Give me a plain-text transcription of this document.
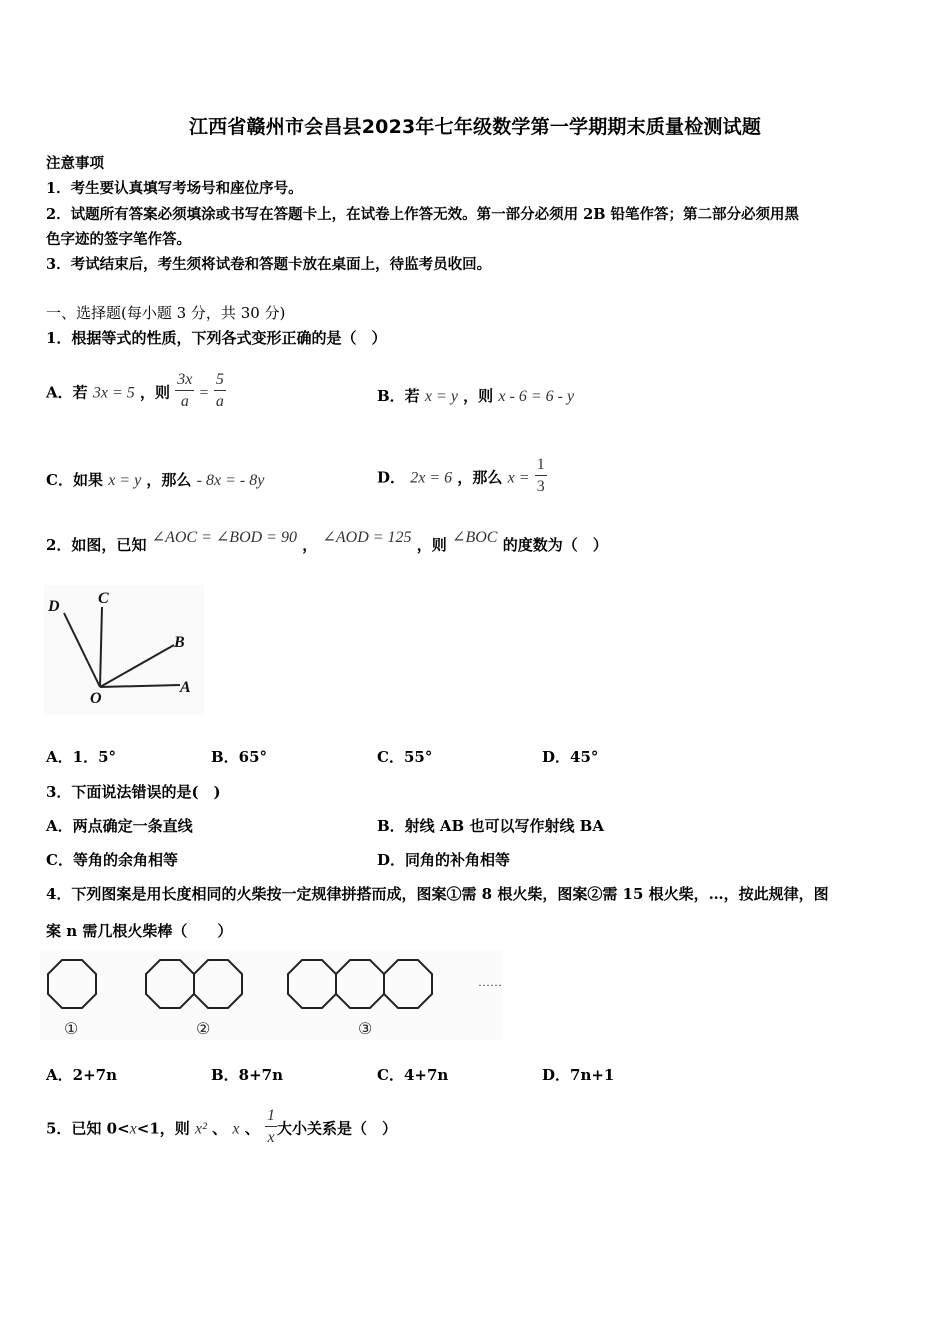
江西省赣州市会昌县2023年七年级数学第一学期期末质量检测试题
注意事项
1．考生要认真填写考场号和座位序号。
2．试题所有答案必须填涂或书写在答题卡上，在试卷上作答无效。第一部分必须用 2B 铅笔作答；第二部分必须用黑
色字迹的签字笔作答。
3．考试结束后，考生须将试卷和答题卡放在桌面上，待监考员收回。
一、选择题(每小题 3 分，共 30 分)
1．根据等式的性质，下列各式变形正确的是（　）
A．若 3x = 5 ，则 $\frac{3x}{a} = \frac{5}{a}$	B．若 x = y ，则 x - 6 = 6 - y
C．如果 x = y ，那么 - 8x = - 8y	D． 2x = 6 ，那么 $x = \frac{1}{3}$
2．如图，已知 ∠AOC = ∠BOD = 90 ， ∠AOD = 125 ，则 ∠BOC 的度数为（　）
D C
B
O
A
A．1．5°	B．65°	C．55°	D．45°
3．下面说法错误的是(　)
A．两点确定一条直线	B．射线 AB 也可以写作射线 BA
C．等角的余角相等	D．同角的补角相等
4．下列图案是用长度相同的火柴按一定规律拼搭而成，图案①需 8 根火柴，图案②需 15 根火柴，…，按此规律，图
案 n 需几根火柴棒（　　）
……
①	②	③
A．2+7n	B．8+7n	C．4+7n	D．7n+1
5．已知 0<x<1，则 x² 、 x 、 $\frac{1}{x}$ 大小关系是（　）
